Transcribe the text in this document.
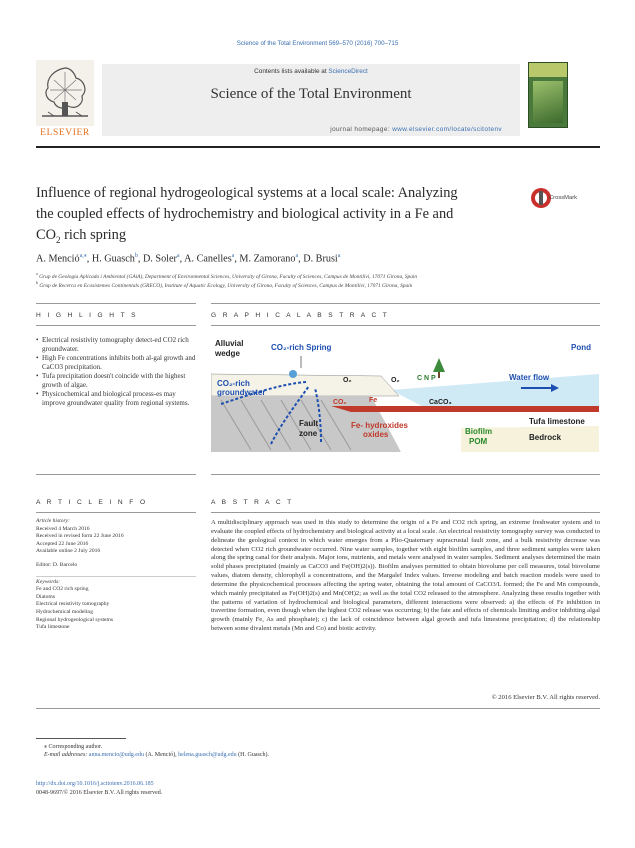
Science of the Total Environment 569–570 (2016) 700–715
ELSEVIER
Contents lists available at ScienceDirect
Science of the Total Environment
journal homepage: www.elsevier.com/locate/scitotenv
Influence of regional hydrogeological systems at a local scale: Analyzing
the coupled effects of hydrochemistry and biological activity in a Fe and
$CO_2$ rich spring
CrossMark
A. Menció$^{a,⁎}$, H. Guasch$^b$, D. Soler$^a$, A. Canelles$^a$, M. Zamorano$^a$, D. Brusi$^a$
$^a$ Grup de Geologia Aplicada i Ambiental (GAiA), Department of Environmental Sciences, University of Girona, Faculty of Sciences, Campus de Montilivi, 17071 Girona, Spain
$^b$ Grup de Recerca en Ecosistemes Continentals (GRECO), Institute of Aquatic Ecology, University of Girona, Faculty of Sciences, Campus de Montilivi, 17071 Girona, Spain
H I G H L I G H T S
• Electrical resistivity tomography detect-ed CO2 rich groundwater.
• High Fe concentrations inhibits both al-gal growth and CaCO3 precipitation.
• Tufa precipitation doesn't coincide with the highest growth of algae.
• Physicochemical and biological process-es may improve groundwater quality from regional systems.
G R A P H I C A L A B S T R A C T
Alluvial
wedge
CO₂-rich Spring	Pond
CO₂-rich
groundwater
O₂	O₂ C N P	Water flow
CO₂	Fe	CaCO₃
Tufa limestone
Fault
zone
Fe- hydroxides
oxides	Biofilm
POM	Bedrock
A R T I C L E I N F O
Article history:
Received 4 March 2016
Received in revised form 22 June 2016
Accepted 22 June 2016
Available online 2 July 2016
Editor: D. Barcelo
Keywords:
Fe and CO2 rich spring
Diatoms
Electrical resistivity tomography
Hydrochemical modeling
Regional hydrogeological systems
Tufa limestone
A B S T R A C T
A multidisciplinary approach was used in this study to determine the origin of a Fe and CO2 rich spring, an extreme freshwater system and to evaluate the coupled effects of hydrochemistry and biological activity at a local scale. An electrical resistivity tomography survey was conducted to delineate the geological context in which water emerges from a Plio-Quaternary supracrustal fault zone, and a bulk resistivity decrease was detected when CO2 rich groundwater occurred. Nine water samples, together with eight biofilm samples, and three sediment samples were taken along the spring canal for their analysis. Major ions, nutrients, and metals were analysed in water samples. Sediment analyses determined the main solid phases precipitated (mainly as CaCO3 and Fe(OH)2(s)). Biofilm analyses permitted to obtain biovolume per cell measures, total biovolume values, diatom density, chlorophyll a concentrations, and the Margalef Index values. Inverse modeling and batch reaction models were used to determine the physicochemical processes affecting the spring water, obtaining the total amount of CaCO3/L formed; the Fe and Mn compounds, which mainly precipitated as Fe(OH)2(s) and Mn(OH)2; as well as the total CO2 released to the atmosphere. Analyzing these results together with the patterns of variation of hydrochemical and biological parameters, different interactions were observed: a) the effects of Fe inhibition in travertine formation, even though when the highest CO2 release was occurring; b) the fate and effects of chemicals limiting and/or inhibiting algal growth (mainly Fe, As and phosphate); c) the lack of coincidence between algal growth and tufa limestone precipitation; d) the relationship between some divalent metals (Mn and Co) and biotic activity.
© 2016 Elsevier B.V. All rights reserved.
⁎ Corresponding author.
E-mail addresses: anna.mencio@udg.edu (A. Menció), helena.guasch@udg.edu (H. Guasch).
http://dx.doi.org/10.1016/j.scitotenv.2016.06.185
0048-9697/© 2016 Elsevier B.V. All rights reserved.
